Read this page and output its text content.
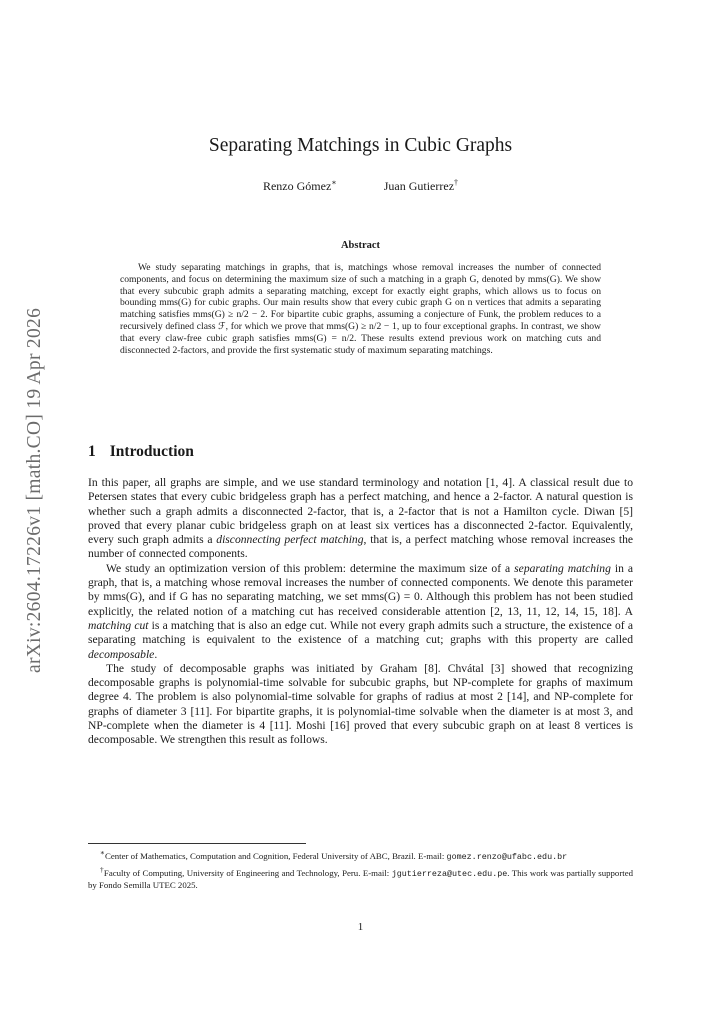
arXiv:2604.17226v1 [math.CO] 19 Apr 2026
Separating Matchings in Cubic Graphs
Renzo Gómez∗	Juan Gutierrez†
Abstract

We study separating matchings in graphs, that is, matchings whose removal increases the number of connected components, and focus on determining the maximum size of such a matching in a graph G, denoted by mms(G). We show that every subcubic graph admits a separating matching, except for exactly eight graphs, which allows us to focus on bounding mms(G) for cubic graphs. Our main results show that every cubic graph G on n vertices that admits a separating matching satisfies mms(G) ≥ n/2 − 2. For bipartite cubic graphs, assuming a conjecture of Funk, the problem reduces to a recursively defined class ℱ, for which we prove that mms(G) ≥ n/2 − 1, up to four exceptional graphs. In contrast, we show that every claw-free cubic graph satisfies mms(G) = n/2. These results extend previous work on matching cuts and disconnected 2-factors, and provide the first systematic study of maximum separating matchings.

1 Introduction

In this paper, all graphs are simple, and we use standard terminology and notation [1, 4]. A classical result due to Petersen states that every cubic bridgeless graph has a perfect matching, and hence a 2-factor. A natural question is whether such a graph admits a disconnected 2-factor, that is, a 2-factor that is not a Hamilton cycle. Diwan [5] proved that every planar cubic bridgeless graph on at least six vertices has a disconnected 2-factor. Equivalently, every such graph admits a disconnecting perfect matching, that is, a perfect matching whose removal increases the number of connected components.

We study an optimization version of this problem: determine the maximum size of a separating matching in a graph, that is, a matching whose removal increases the number of connected components. We denote this parameter by mms(G), and if G has no separating matching, we set mms(G) = 0. Although this problem has not been studied explicitly, the related notion of a matching cut has received considerable attention [2, 13, 11, 12, 14, 15, 18]. A matching cut is a matching that is also an edge cut. While not every graph admits such a structure, the existence of a separating matching is equivalent to the existence of a matching cut; graphs with this property are called decomposable.

The study of decomposable graphs was initiated by Graham [8]. Chvátal [3] showed that recognizing decomposable graphs is polynomial-time solvable for subcubic graphs, but NP-complete for graphs of maximum degree 4. The problem is also polynomial-time solvable for graphs of radius at most 2 [14], and NP-complete for graphs of diameter 3 [11]. For bipartite graphs, it is polynomial-time solvable when the diameter is at most 3, and NP-complete when the diameter is 4 [11]. Moshi [16] proved that every subcubic graph on at least 8 vertices is decomposable. We strengthen this result as follows.

∗Center of Mathematics, Computation and Cognition, Federal University of ABC, Brazil. E-mail: gomez.renzo@ufabc.edu.br

†Faculty of Computing, University of Engineering and Technology, Peru. E-mail: jgutierreza@utec.edu.pe. This work was partially supported by Fondo Semilla UTEC 2025.

1
